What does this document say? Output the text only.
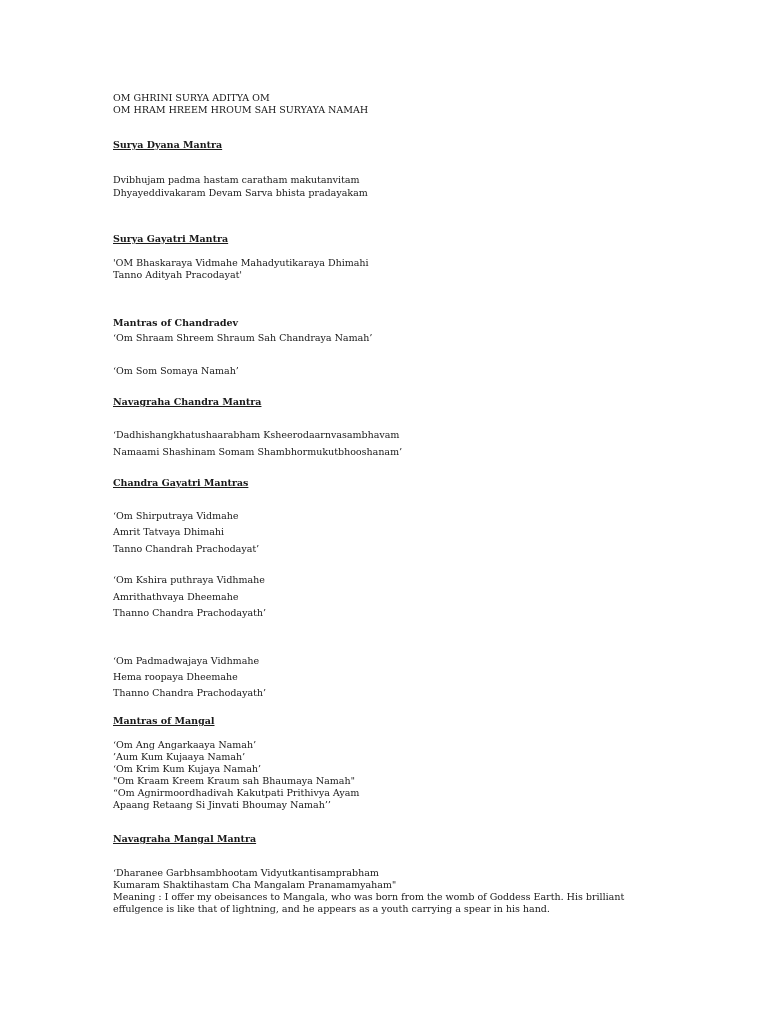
OM GHRINI SURYA ADITYA OM
OM HRAM HREEM HROUM SAH SURYAYA NAMAH
Surya Dyana Mantra
Dvibhujam padma hastam caratham makutanvitam
Dhyayeddivakaram Devam Sarva bhista pradayakam
Surya Gayatri Mantra
'OM Bhaskaraya Vidmahe Mahadyutikaraya Dhimahi
Tanno Adityah Pracodayat'
Mantras of Chandradev
‘Om Shraam Shreem Shraum Sah Chandraya Namah’
‘Om Som Somaya Namah’
Navagraha Chandra Mantra
‘Dadhishangkhatushaarabham Ksheerodaarnvasambhavam
Namaami Shashinam Somam Shambhormukutbhooshanam’
Chandra Gayatri Mantras
‘Om Shirputraya Vidmahe
Amrit Tatvaya Dhimahi
Tanno Chandrah Prachodayat’
‘Om Kshira puthraya Vidhmahe
Amrithathvaya Dheemahe
Thanno Chandra Prachodayath’
‘Om Padmadwajaya Vidhmahe
Hema roopaya Dheemahe
Thanno Chandra Prachodayath’
Mantras of Mangal
‘Om Ang Angarkaaya Namah’
’Aum Kum Kujaaya Namah’
‘Om Krim Kum Kujaya Namah’
"Om Kraam Kreem Kraum sah Bhaumaya Namah"
“Om Agnirmoordhadivah Kakutpati Prithivya Ayam
Apaang Retaang Si Jinvati Bhoumay Namah’’
Navagraha Mangal Mantra
‘Dharanee Garbhsambhootam Vidyutkantisamprabham
Kumaram Shaktihastam Cha Mangalam Pranamamyaham"
Meaning : I offer my obeisances to Mangala, who was born from the womb of Goddess Earth. His brilliant effulgence is like that of lightning, and he appears as a youth carrying a spear in his hand.
